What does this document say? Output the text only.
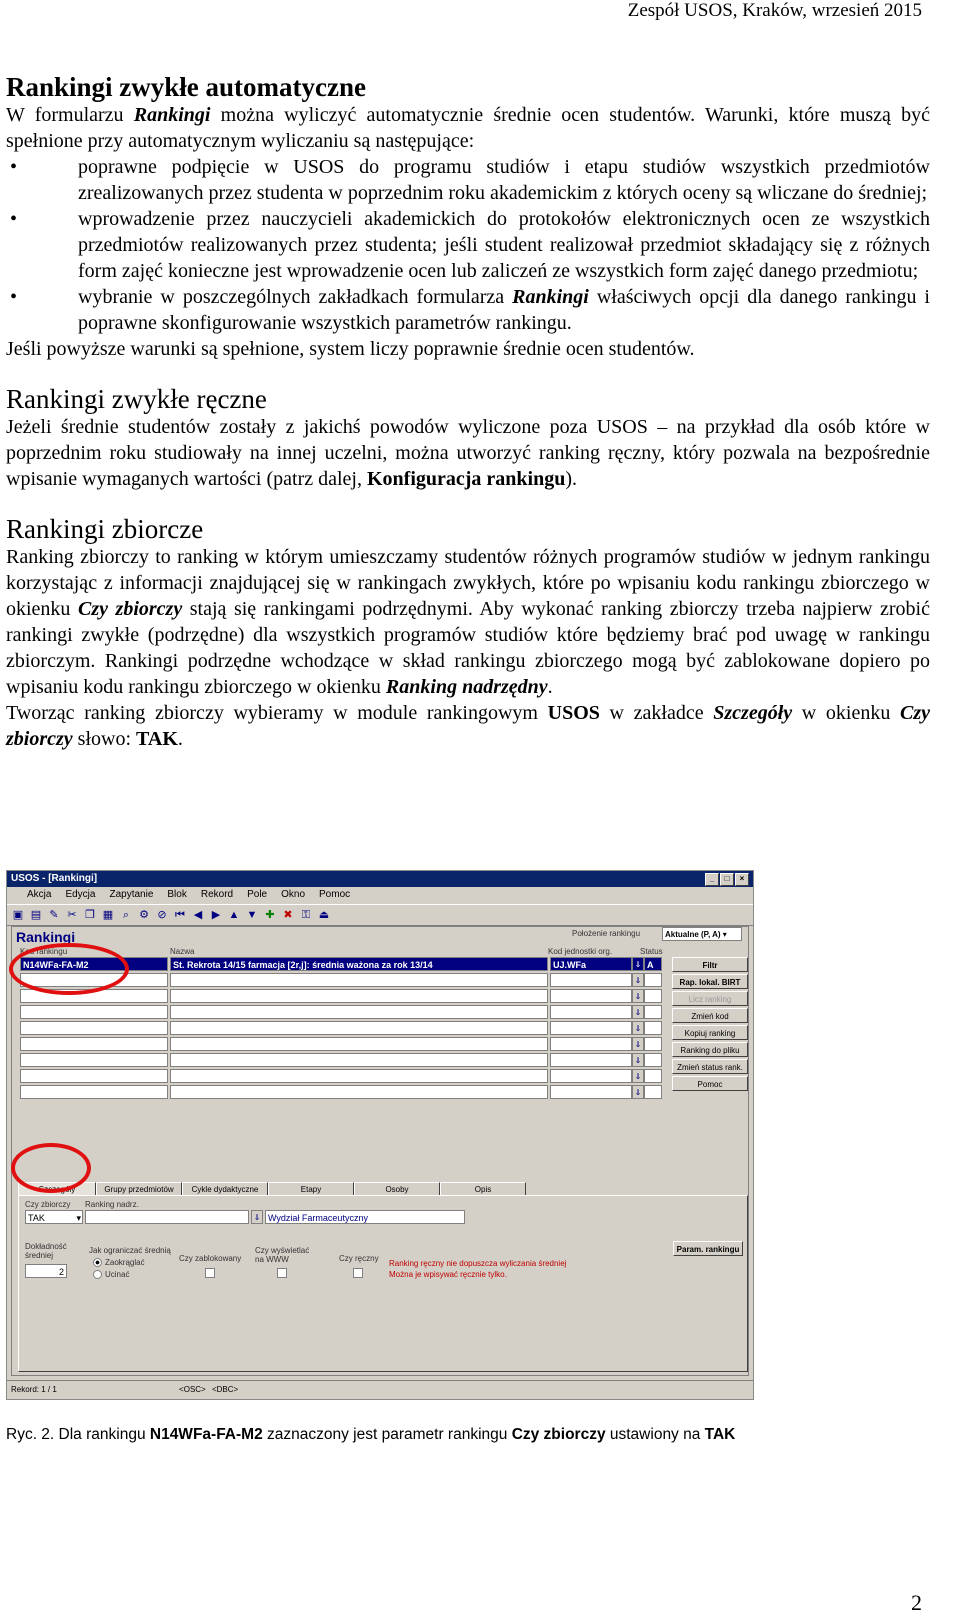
Zespół USOS, Kraków, wrzesień 2015
Rankingi zwykłe automatyczne

W formularzu Rankingi można wyliczyć automatycznie średnie ocen studentów. Warunki, które muszą być spełnione przy automatycznym wyliczaniu są następujące:

•	poprawne podpięcie w USOS do programu studiów i etapu studiów wszystkich przedmiotów zrealizowanych przez studenta w poprzednim roku akademickim z których oceny są wliczane do średniej;
•	wprowadzenie przez nauczycieli akademickich do protokołów elektronicznych ocen ze wszystkich przedmiotów realizowanych przez studenta; jeśli student realizował przedmiot składający się z różnych form zajęć konieczne jest wprowadzenie ocen lub zaliczeń ze wszystkich form zajęć danego przedmiotu;
•	wybranie w poszczególnych zakładkach formularza Rankingi właściwych opcji dla danego rankingu i poprawne skonfigurowanie wszystkich parametrów rankingu.

Jeśli powyższe warunki są spełnione, system liczy poprawnie średnie ocen studentów.

Rankingi zwykłe ręczne

Jeżeli średnie studentów zostały z jakichś powodów wyliczone poza USOS – na przykład dla osób które w poprzednim roku studiowały na innej uczelni, można utworzyć ranking ręczny, który pozwala na bezpośrednie wpisanie wymaganych wartości (patrz dalej, Konfiguracja rankingu).

Rankingi zbiorcze

Ranking zbiorczy to ranking w którym umieszczamy studentów różnych programów studiów w jednym rankingu korzystając z informacji znajdującej się w rankingach zwykłych, które po wpisaniu kodu rankingu zbiorczego w okienku Czy zbiorczy stają się rankingami podrzędnymi. Aby wykonać ranking zbiorczy trzeba najpierw zrobić rankingi zwykłe (podrzędne) dla wszystkich programów studiów które będziemy brać pod uwagę w rankingu zbiorczym. Rankingi podrzędne wchodzące w skład rankingu zbiorczego mogą być zablokowane dopiero po wpisaniu kodu rankingu zbiorczego w okienku Ranking nadrzędny.

Tworząc ranking zbiorczy wybieramy w module rankingowym USOS w zakładce Szczegóły w okienku Czy zbiorczy słowo: TAK.

USOS - [Rankingi]	_	□	×
Akcja Edycja Zapytanie Blok Rekord Pole Okno Pomoc
▣ ▤ ✎ ✂ ❐ ▦ ⌕ ⚙ ⊘ ⏮ ◀ ▶ ▲ ▼ ✚ ✖ ⚿ ⏏
Rankingi	Położenie rankingu	Aktualne (P, A) ▾
Kod rankingu	Nazwa	Kod jednostki org.	Status
N14WFa-FA-M2	St. Rekrota 14/15 farmacja [2r,j]: średnia ważona za rok 13/14	UJ.WFa	⇓ A
⇓
⇓
⇓
⇓
⇓
⇓
⇓
⇓
Filtr
Rap. lokal. BIRT
Licz ranking
Zmień kod
Kopiuj ranking
Ranking do pliku
Zmień status rank.
Pomoc
Szczegóły	Grupy przedmiotów	Cykle dydaktyczne	Etapy	Osoby	Opis
Czy zbiorczy
TAK	▾
Ranking nadrz.
⇓ Wydział Farmaceutyczny
Param. rankingu
Dokładność średniej
2
Jak ograniczać średnią
Zaokrąglać
Ucinać
Czy zablokowany
Czy wyświetlać na WWW	Czy ręczny
Ranking ręczny nie dopuszcza wyliczania średniej
Można je wpisywać ręcznie tylko.
Rekord: 1 / 1	<OSC> <DBC>
Ryc. 2. Dla rankingu N14WFa-FA-M2 zaznaczony jest parametr rankingu Czy zbiorczy ustawiony na TAK
2
